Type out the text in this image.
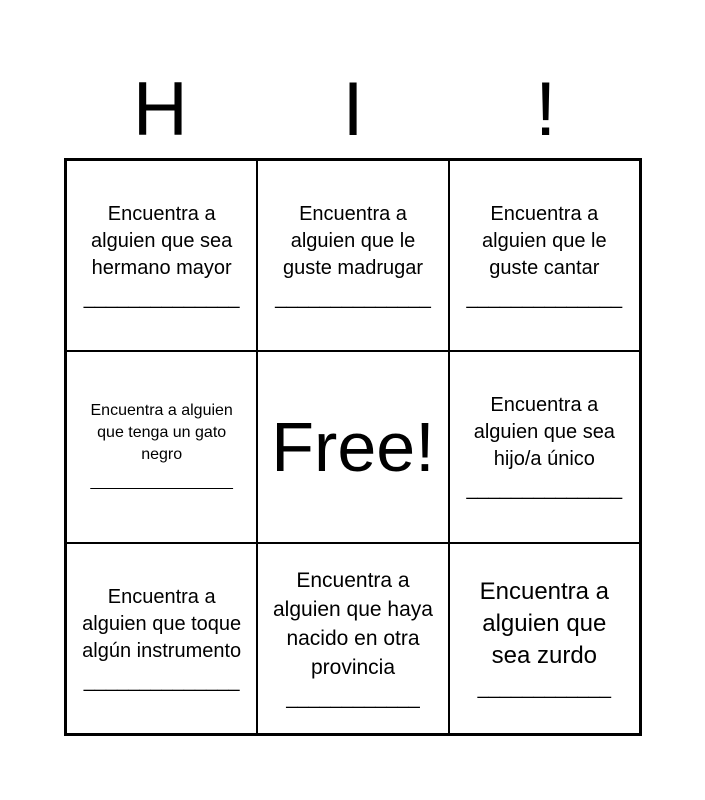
H	I	!
Encuentra a alguien que sea hermano mayor
______________
Encuentra a alguien que le guste madrugar
______________
Encuentra a alguien que le guste cantar
______________
Encuentra a alguien que tenga un gato negro
________________ Free!
Encuentra a alguien que sea hijo/a único
______________
Encuentra a alguien que toque algún instrumento
______________
Encuentra a alguien que haya nacido en otra provincia
____________
Encuentra a alguien que sea zurdo
____________
